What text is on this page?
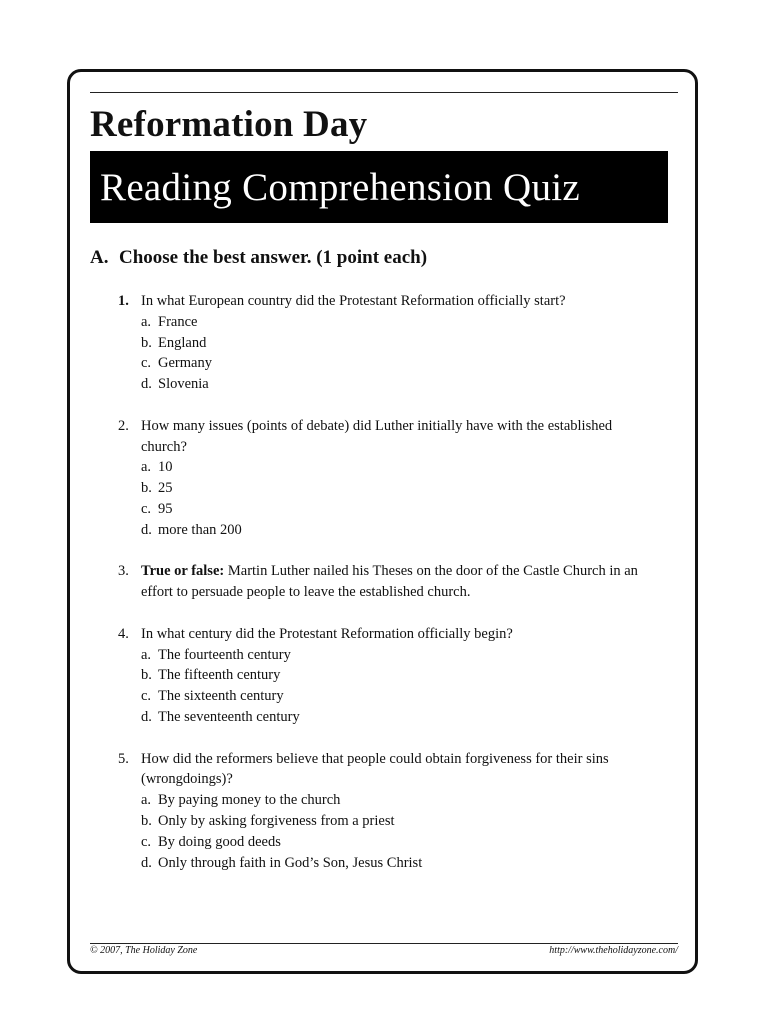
Reformation Day
Reading Comprehension Quiz
A. Choose the best answer. (1 point each)
1. In what European country did the Protestant Reformation officially start?
a. France
b. England
c. Germany
d. Slovenia
2. How many issues (points of debate) did Luther initially have with the established church?
a. 10
b. 25
c. 95
d. more than 200
3. True or false: Martin Luther nailed his Theses on the door of the Castle Church in an effort to persuade people to leave the established church.
4. In what century did the Protestant Reformation officially begin?
a. The fourteenth century
b. The fifteenth century
c. The sixteenth century
d. The seventeenth century
5. How did the reformers believe that people could obtain forgiveness for their sins (wrongdoings)?
a. By paying money to the church
b. Only by asking forgiveness from a priest
c. By doing good deeds
d. Only through faith in God’s Son, Jesus Christ
© 2007, The Holiday Zone	http://www.theholidayzone.com/
